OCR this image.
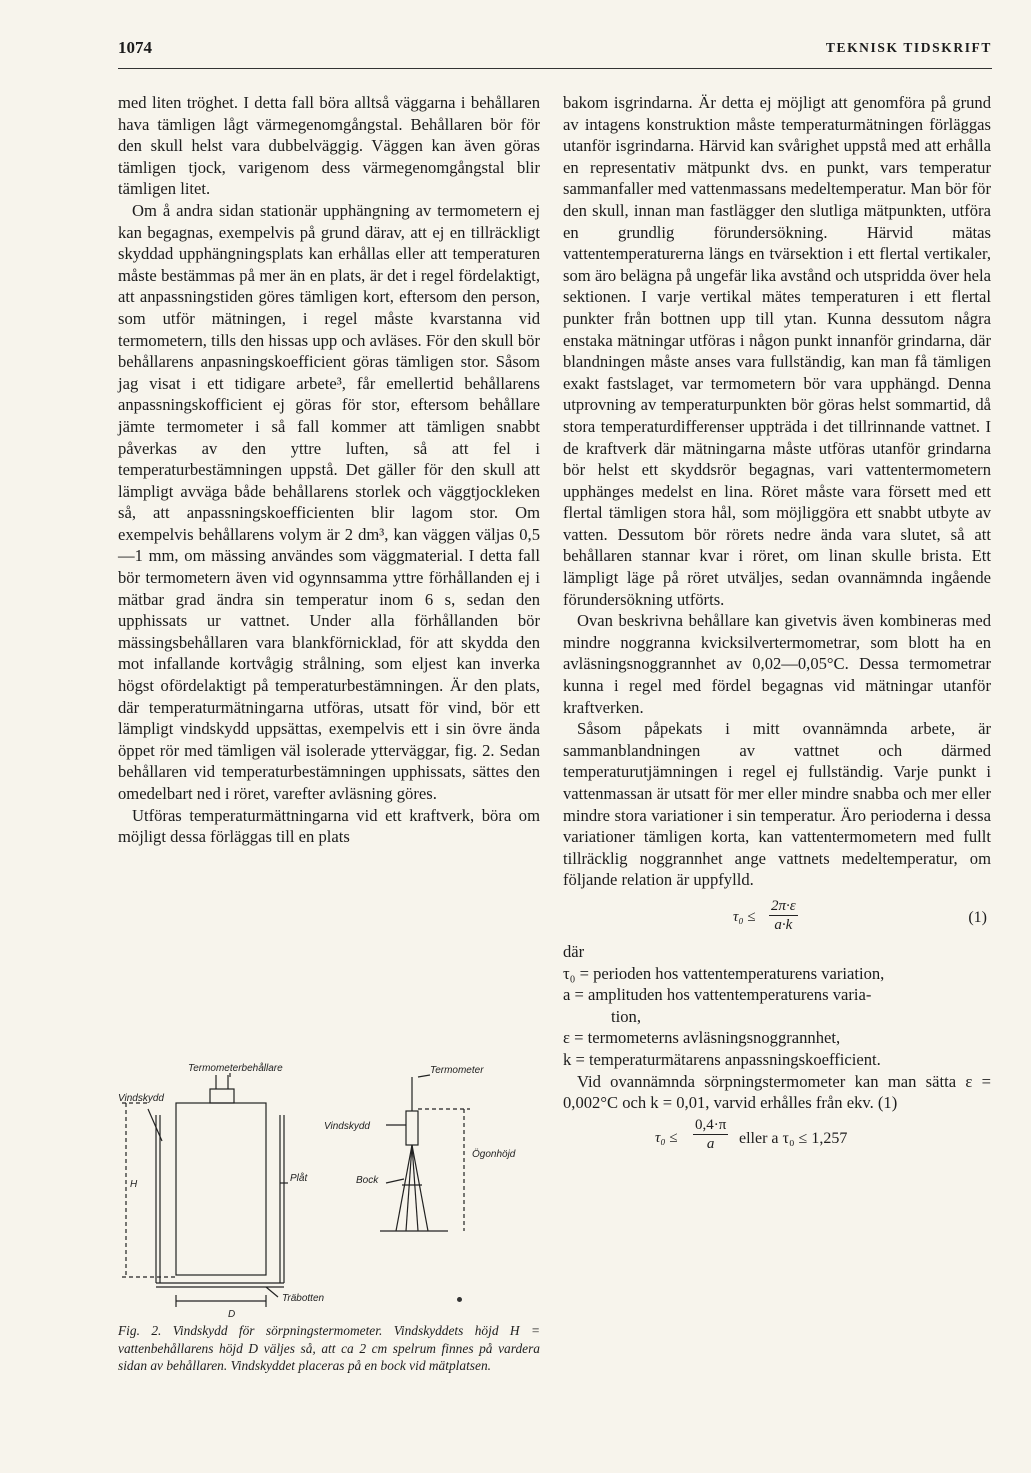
1074	TEKNISK TIDSKRIFT

med liten tröghet. I detta fall böra alltså väggarna i behållaren hava tämligen lågt värmegenomgångstal. Behållaren bör för den skull helst vara dubbelväggig. Väggen kan även göras tämligen tjock, varigenom dess värmegenomgångstal blir tämligen litet.

Om å andra sidan stationär upphängning av termometern ej kan begagnas, exempelvis på grund därav, att ej en tillräckligt skyddad upphängningsplats kan erhållas eller att temperaturen måste bestämmas på mer än en plats, är det i regel fördelaktigt, att anpassningstiden göres tämligen kort, eftersom den person, som utför mätningen, i regel måste kvarstanna vid termometern, tills den hissas upp och avläses. För den skull bör behållarens anpasningskoefficient göras tämligen stor. Såsom jag visat i ett tidigare arbete³, får emellertid behållarens anpassningskofficient ej göras för stor, eftersom behållare jämte termometer i så fall kommer att tämligen snabbt påverkas av den yttre luften, så att fel i temperaturbestämningen uppstå. Det gäller för den skull att lämpligt avväga både behållarens storlek och väggtjockleken så, att anpassningskoefficienten blir lagom stor. Om exempelvis behållarens volym är 2 dm³, kan väggen väljas 0,5—1 mm, om mässing användes som väggmaterial. I detta fall bör termometern även vid ogynnsamma yttre förhållanden ej i mätbar grad ändra sin temperatur inom 6 s, sedan den upphissats ur vattnet. Under alla förhållanden bör mässingsbehållaren vara blankförnicklad, för att skydda den mot infallande kortvågig strålning, som eljest kan inverka högst ofördelaktigt på temperaturbestämningen. Är den plats, där temperaturmätningarna utföras, utsatt för vind, bör ett lämpligt vindskydd uppsättas, exempelvis ett i sin övre ända öppet rör med tämligen väl isolerade ytterväggar, fig. 2. Sedan behållaren vid temperaturbestämningen upphissats, sättes den omedelbart ned i röret, varefter avläsning göres.

Utföras temperaturmättningarna vid ett kraftverk, böra om möjligt dessa förläggas till en plats

Termometerbehållare
Vindskydd
H
Plåt
D
Träbotten
Termometer
Vindskydd
Bock
Ögonhöjd
Fig. 2. Vindskydd för sörpningstermometer. Vindskyddets höjd H = vattenbehållarens höjd D väljes så, att ca 2 cm spelrum finnes på vardera sidan av behållaren. Vindskyddet placeras på en bock vid mätplatsen.

bakom isgrindarna. Är detta ej möjligt att genomföra på grund av intagens konstruktion måste temperaturmätningen förläggas utanför isgrindarna. Härvid kan svårighet uppstå med att erhålla en representativ mätpunkt dvs. en punkt, vars temperatur sammanfaller med vattenmassans medeltemperatur. Man bör för den skull, innan man fastlägger den slutliga mätpunkten, utföra en grundlig förundersökning. Härvid mätas vattentemperaturerna längs en tvärsektion i ett flertal vertikaler, som äro belägna på ungefär lika avstånd och utspridda över hela sektionen. I varje vertikal mätes temperaturen i ett flertal punkter från bottnen upp till ytan. Kunna dessutom några enstaka mätningar utföras i någon punkt innanför grindarna, där blandningen måste anses vara fullständig, kan man få tämligen exakt fastslaget, var termometern bör vara upphängd. Denna utprovning av temperaturpunkten bör göras helst sommartid, då stora temperaturdifferenser uppträda i det tillrinnande vattnet. I de kraftverk där mätningarna måste utföras utanför grindarna bör helst ett skyddsrör begagnas, vari vattentermometern upphänges medelst en lina. Röret måste vara försett med ett flertal tämligen stora hål, som möjliggöra ett snabbt utbyte av vatten. Dessutom bör rörets nedre ända vara slutet, så att behållaren stannar kvar i röret, om linan skulle brista. Ett lämpligt läge på röret utväljes, sedan ovannämnda ingående förundersökning utförts.

Ovan beskrivna behållare kan givetvis även kombineras med mindre noggranna kvicksilvertermometrar, som blott ha en avläsningsnoggrannhet av 0,02—0,05°C. Dessa termometrar kunna i regel med fördel begagnas vid mätningar utanför kraftverken.

Såsom påpekats i mitt ovannämnda arbete, är sammanblandningen av vattnet och därmed temperaturutjämningen i regel ej fullständig. Varje punkt i vattenmassan är utsatt för mer eller mindre snabba och mer eller mindre stora variationer i sin temperatur. Äro perioderna i dessa variationer tämligen korta, kan vattentermometern med fullt tillräcklig noggrannhet ange vattnets medeltemperatur, om följande relation är uppfylld.

$\tau_0 \le \frac{2\pi\cdot\varepsilon}{a\cdot k}$	(1)
där
τ₀ = perioden hos vattentemperaturens variation,
a = amplituden hos vattentemperaturens varia-
tion,
ε = termometerns avläsningsnoggrannhet,
k = temperaturmätarens anpassningskoefficient.

Vid ovannämnda sörpningstermometer kan man sätta ε = 0,002°C och k = 0,01, varvid erhålles från ekv. (1)

$\tau_0 \le \frac{0,4\cdot\pi}{a}$ eller a τ₀ ≤ 1,257
